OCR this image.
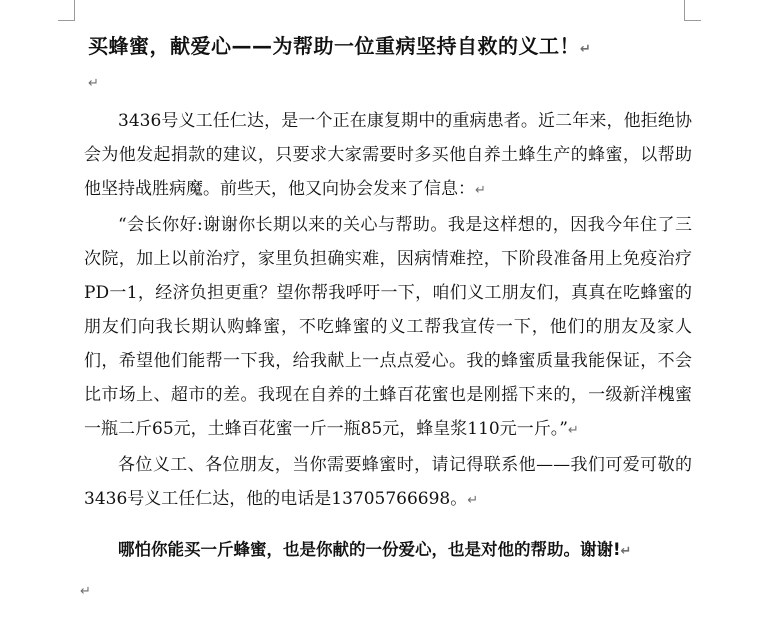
买蜂蜜，献爱心——为帮助一位重病坚持自救的义工！↵
↵

3436号义工任仁达，是一个正在康复期中的重病患者。近二年来，他拒绝协会为他发起捐款的建议，只要求大家需要时多买他自养土蜂生产的蜂蜜，以帮助他坚持战胜病魔。前些天，他又向协会发来了信息：↵

“会长你好:谢谢你长期以来的关心与帮助。我是这样想的，因我今年住了三次院，加上以前治疗，家里负担确实难，因病情难控，下阶段准备用上免疫治疗PD一1，经济负担更重？望你帮我呼吁一下，咱们义工朋友们，真真在吃蜂蜜的朋友们向我长期认购蜂蜜，不吃蜂蜜的义工帮我宣传一下，他们的朋友及家人们，希望他们能帮一下我，给我献上一点点爱心。我的蜂蜜质量我能保证，不会比市场上、超市的差。我现在自养的土蜂百花蜜也是刚摇下来的，一级新洋槐蜜一瓶二斤65元，土蜂百花蜜一斤一瓶85元，蜂皇浆110元一斤。”↵

各位义工、各位朋友，当你需要蜂蜜时，请记得联系他——我们可爱可敬的3436号义工任仁达，他的电话是13705766698。↵

哪怕你能买一斤蜂蜜，也是你献的一份爱心，也是对他的帮助。谢谢!↵
↵
